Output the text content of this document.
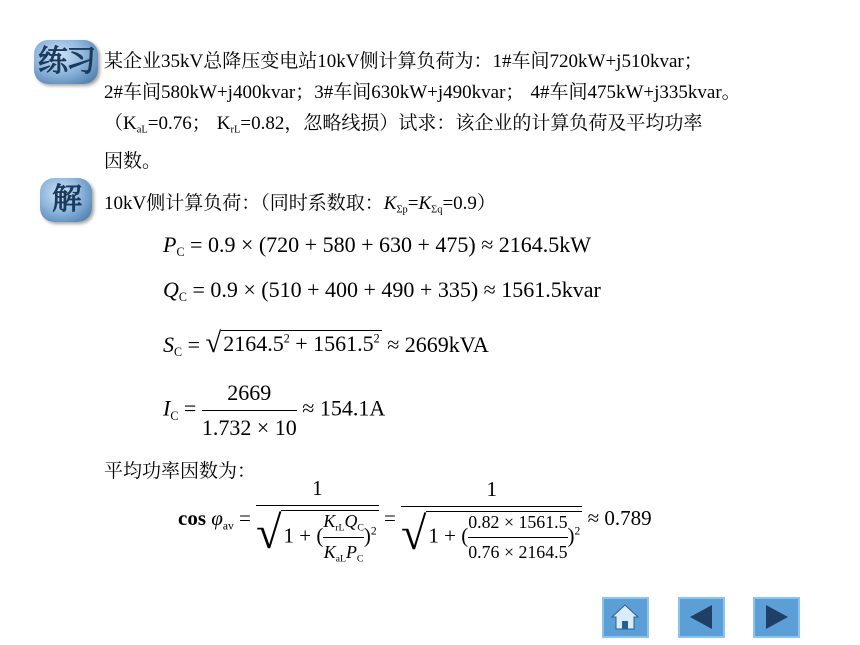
练习 某企业35kV总降压变电站10kV侧计算负荷为：1#车间720kW+j510kvar；
2#车间580kW+j400kvar；3#车间630kW+j490kvar； 4#车间475kW+j335kvar。
（$K_{aL}=0.76$； $K_{rL}=0.82$，忽略线损）试求：该企业的计算负荷及平均功率
因数。
解	10kV侧计算负荷：（同时系数取：$K_{\Sigma p}=K_{\Sigma q}=0.9$）
$P_C = 0.9 \times (720 + 580 + 630 + 475) \approx 2164.5kW$
$Q_C = 0.9 \times (510 + 400 + 490 + 335)$ ≈ 1561.5kvar
$S_C$ = √ $2164.5^2 + 1561.5^2 \approx 2669kVA$
$I_C = \frac{2669}{1.732 \times 10} \approx 154.1A$
平均功率因数为：
$\cos \varphi_{av} = \frac{1}{√ 1 + ( \frac{K_{rL}Q_C}{K_{aL}P_C} )^2} = \frac{1}{√ 1 + ( \frac{0.82 \times 1561.5}{0.76 \times 2164.5} )^2} \approx 0.789$
